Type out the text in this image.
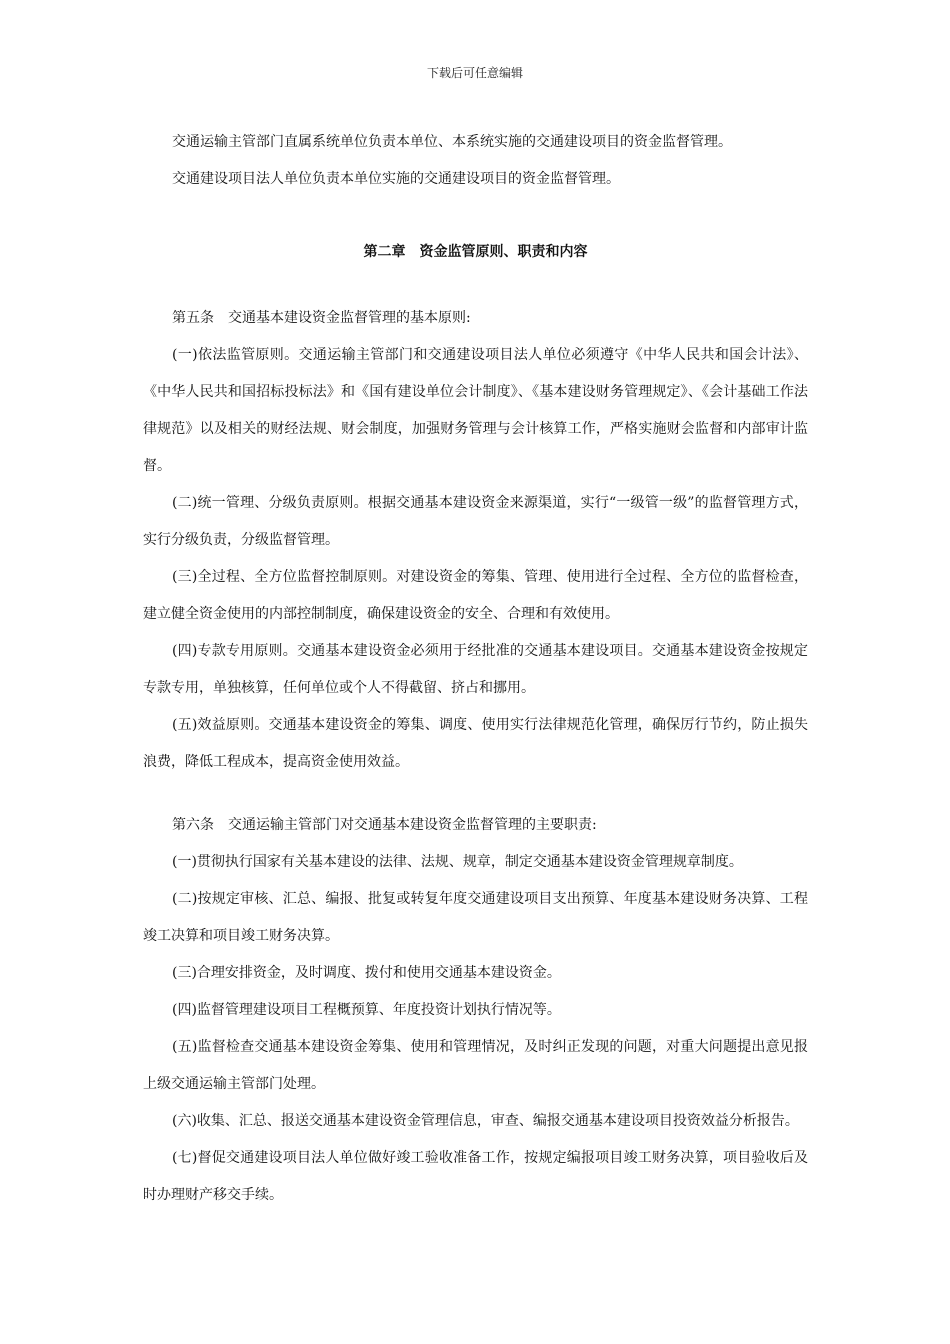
下载后可任意编辑

交通运输主管部门直属系统单位负责本单位、本系统实施的交通建设项目的资金监督管理。

交通建设项目法人单位负责本单位实施的交通建设项目的资金监督管理。

第二章　资金监管原则、职责和内容

第五条　交通基本建设资金监督管理的基本原则:

(一)依法监管原则。交通运输主管部门和交通建设项目法人单位必须遵守《中华人民共和国会计法》、《中华人民共和国招标投标法》和《国有建设单位会计制度》、《基本建设财务管理规定》、《会计基础工作法律规范》以及相关的财经法规、财会制度，加强财务管理与会计核算工作，严格实施财会监督和内部审计监督。

(二)统一管理、分级负责原则。根据交通基本建设资金来源渠道，实行“一级管一级”的监督管理方式，实行分级负责，分级监督管理。

(三)全过程、全方位监督控制原则。对建设资金的筹集、管理、使用进行全过程、全方位的监督检查，建立健全资金使用的内部控制制度，确保建设资金的安全、合理和有效使用。

(四)专款专用原则。交通基本建设资金必须用于经批准的交通基本建设项目。交通基本建设资金按规定专款专用，单独核算，任何单位或个人不得截留、挤占和挪用。

(五)效益原则。交通基本建设资金的筹集、调度、使用实行法律规范化管理，确保厉行节约，防止损失浪费，降低工程成本，提高资金使用效益。

第六条　交通运输主管部门对交通基本建设资金监督管理的主要职责:

(一)贯彻执行国家有关基本建设的法律、法规、规章，制定交通基本建设资金管理规章制度。

(二)按规定审核、汇总、编报、批复或转复年度交通建设项目支出预算、年度基本建设财务决算、工程竣工决算和项目竣工财务决算。

(三)合理安排资金，及时调度、拨付和使用交通基本建设资金。

(四)监督管理建设项目工程概预算、年度投资计划执行情况等。

(五)监督检查交通基本建设资金筹集、使用和管理情况，及时纠正发现的问题，对重大问题提出意见报上级交通运输主管部门处理。

(六)收集、汇总、报送交通基本建设资金管理信息，审查、编报交通基本建设项目投资效益分析报告。

(七)督促交通建设项目法人单位做好竣工验收准备工作，按规定编报项目竣工财务决算，项目验收后及时办理财产移交手续。
